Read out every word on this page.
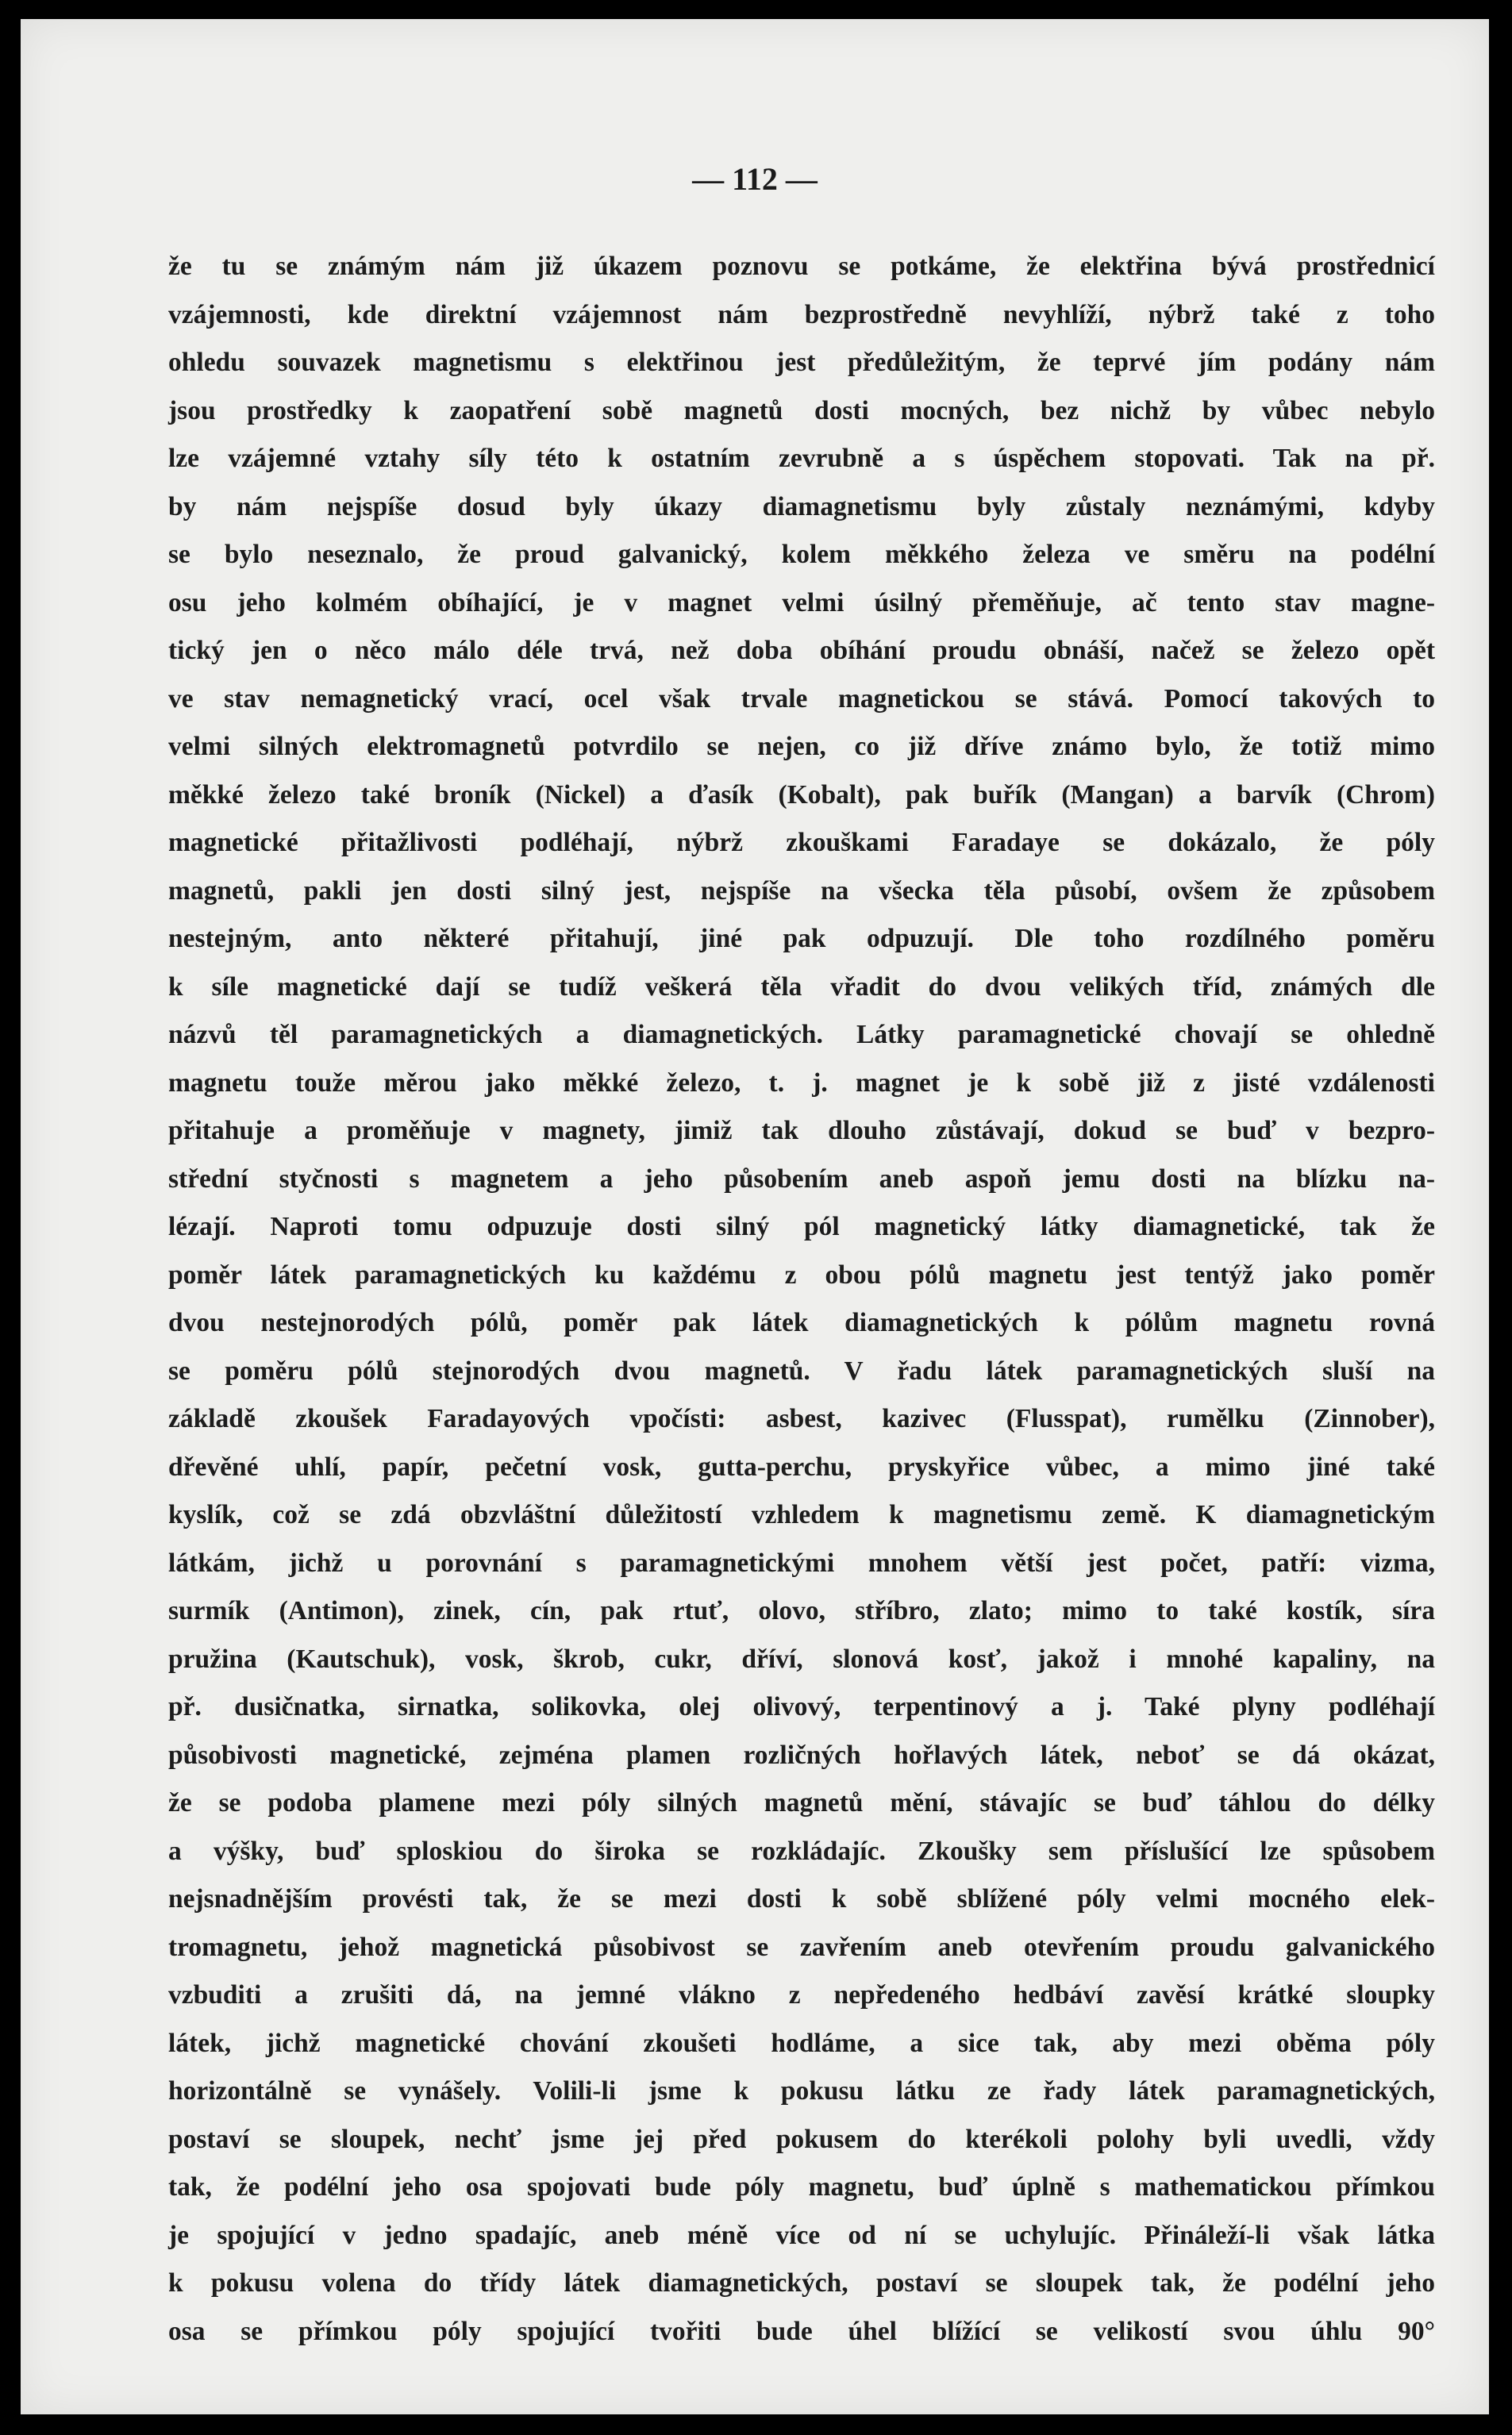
— 112 —

že tu se známým nám již úkazem poznovu se potkáme, že elektřina bývá prostřednicí
vzájemnosti, kde direktní vzájemnost nám bezprostředně nevyhlíží, nýbrž také z toho
ohledu souvazek magnetismu s elektřinou jest předůležitým, že teprvé jím podány nám
jsou prostředky k zaopatření sobě magnetů dosti mocných, bez nichž by vůbec nebylo
lze vzájemné vztahy síly této k ostatním zevrubně a s úspěchem stopovati. Tak na př.
by nám nejspíše dosud byly úkazy diamagnetismu byly zůstaly neznámými, kdyby
se bylo neseznalo, že proud galvanický, kolem měkkého železa ve směru na podélní
osu jeho kolmém obíhající, je v magnet velmi úsilný přeměňuje, ač tento stav magne-
tický jen o něco málo déle trvá, než doba obíhání proudu obnáší, načež se železo opět
ve stav nemagnetický vrací, ocel však trvale magnetickou se stává. Pomocí takových to
velmi silných elektromagnetů potvrdilo se nejen, co již dříve známo bylo, že totiž mimo
měkké železo také broník (Nickel) a ďasík (Kobalt), pak buřík (Mangan) a barvík (Chrom)
magnetické přitažlivosti podléhají, nýbrž zkouškami Faradaye se dokázalo, že póly
magnetů, pakli jen dosti silný jest, nejspíše na všecka těla působí, ovšem že způsobem
nestejným, anto některé přitahují, jiné pak odpuzují. Dle toho rozdílného poměru
k síle magnetické dají se tudíž veškerá těla vřadit do dvou velikých tříd, známých dle
názvů těl paramagnetických a diamagnetických. Látky paramagnetické chovají se ohledně
magnetu touže měrou jako měkké železo, t. j. magnet je k sobě již z jisté vzdálenosti
přitahuje a proměňuje v magnety, jimiž tak dlouho zůstávají, dokud se buď v bezpro-
střední styčnosti s magnetem a jeho působením aneb aspoň jemu dosti na blízku na-
lézají. Naproti tomu odpuzuje dosti silný pól magnetický látky diamagnetické, tak že
poměr látek paramagnetických ku každému z obou pólů magnetu jest tentýž jako poměr
dvou nestejnorodých pólů, poměr pak látek diamagnetických k pólům magnetu rovná
se poměru pólů stejnorodých dvou magnetů. V řadu látek paramagnetických sluší na
základě zkoušek Faradayových vpočísti: asbest, kazivec (Flusspat), rumělku (Zinnober),
dřevěné uhlí, papír, pečetní vosk, gutta-perchu, pryskyřice vůbec, a mimo jiné také
kyslík, což se zdá obzvláštní důležitostí vzhledem k magnetismu země. K diamagnetickým
látkám, jichž u porovnání s paramagnetickými mnohem větší jest počet, patří: vizma,
surmík (Antimon), zinek, cín, pak rtuť, olovo, stříbro, zlato; mimo to také kostík, síra
pružina (Kautschuk), vosk, škrob, cukr, dříví, slonová kosť, jakož i mnohé kapaliny, na
př. dusičnatka, sirnatka, solikovka, olej olivový, terpentinový a j. Také plyny podléhají
působivosti magnetické, zejména plamen rozličných hořlavých látek, neboť se dá okázat,
že se podoba plamene mezi póly silných magnetů mění, stávajíc se buď táhlou do délky
a výšky, buď sploskiou do široka se rozkládajíc. Zkoušky sem příslušící lze spůsobem
nejsnadnějším provésti tak, že se mezi dosti k sobě sblížené póly velmi mocného elek-
tromagnetu, jehož magnetická působivost se zavřením aneb otevřením proudu galvanického
vzbuditi a zrušiti dá, na jemné vlákno z nepředeného hedbáví zavěsí krátké sloupky
látek, jichž magnetické chování zkoušeti hodláme, a sice tak, aby mezi oběma póly
horizontálně se vynášely. Volili-li jsme k pokusu látku ze řady látek paramagnetických,
postaví se sloupek, nechť jsme jej před pokusem do kterékoli polohy byli uvedli, vždy
tak, že podélní jeho osa spojovati bude póly magnetu, buď úplně s mathematickou přímkou
je spojující v jedno spadajíc, aneb méně více od ní se uchylujíc. Přináleží-li však látka
k pokusu volena do třídy látek diamagnetických, postaví se sloupek tak, že podélní jeho
osa se přímkou póly spojující tvořiti bude úhel blížící se velikostí svou úhlu 90°
